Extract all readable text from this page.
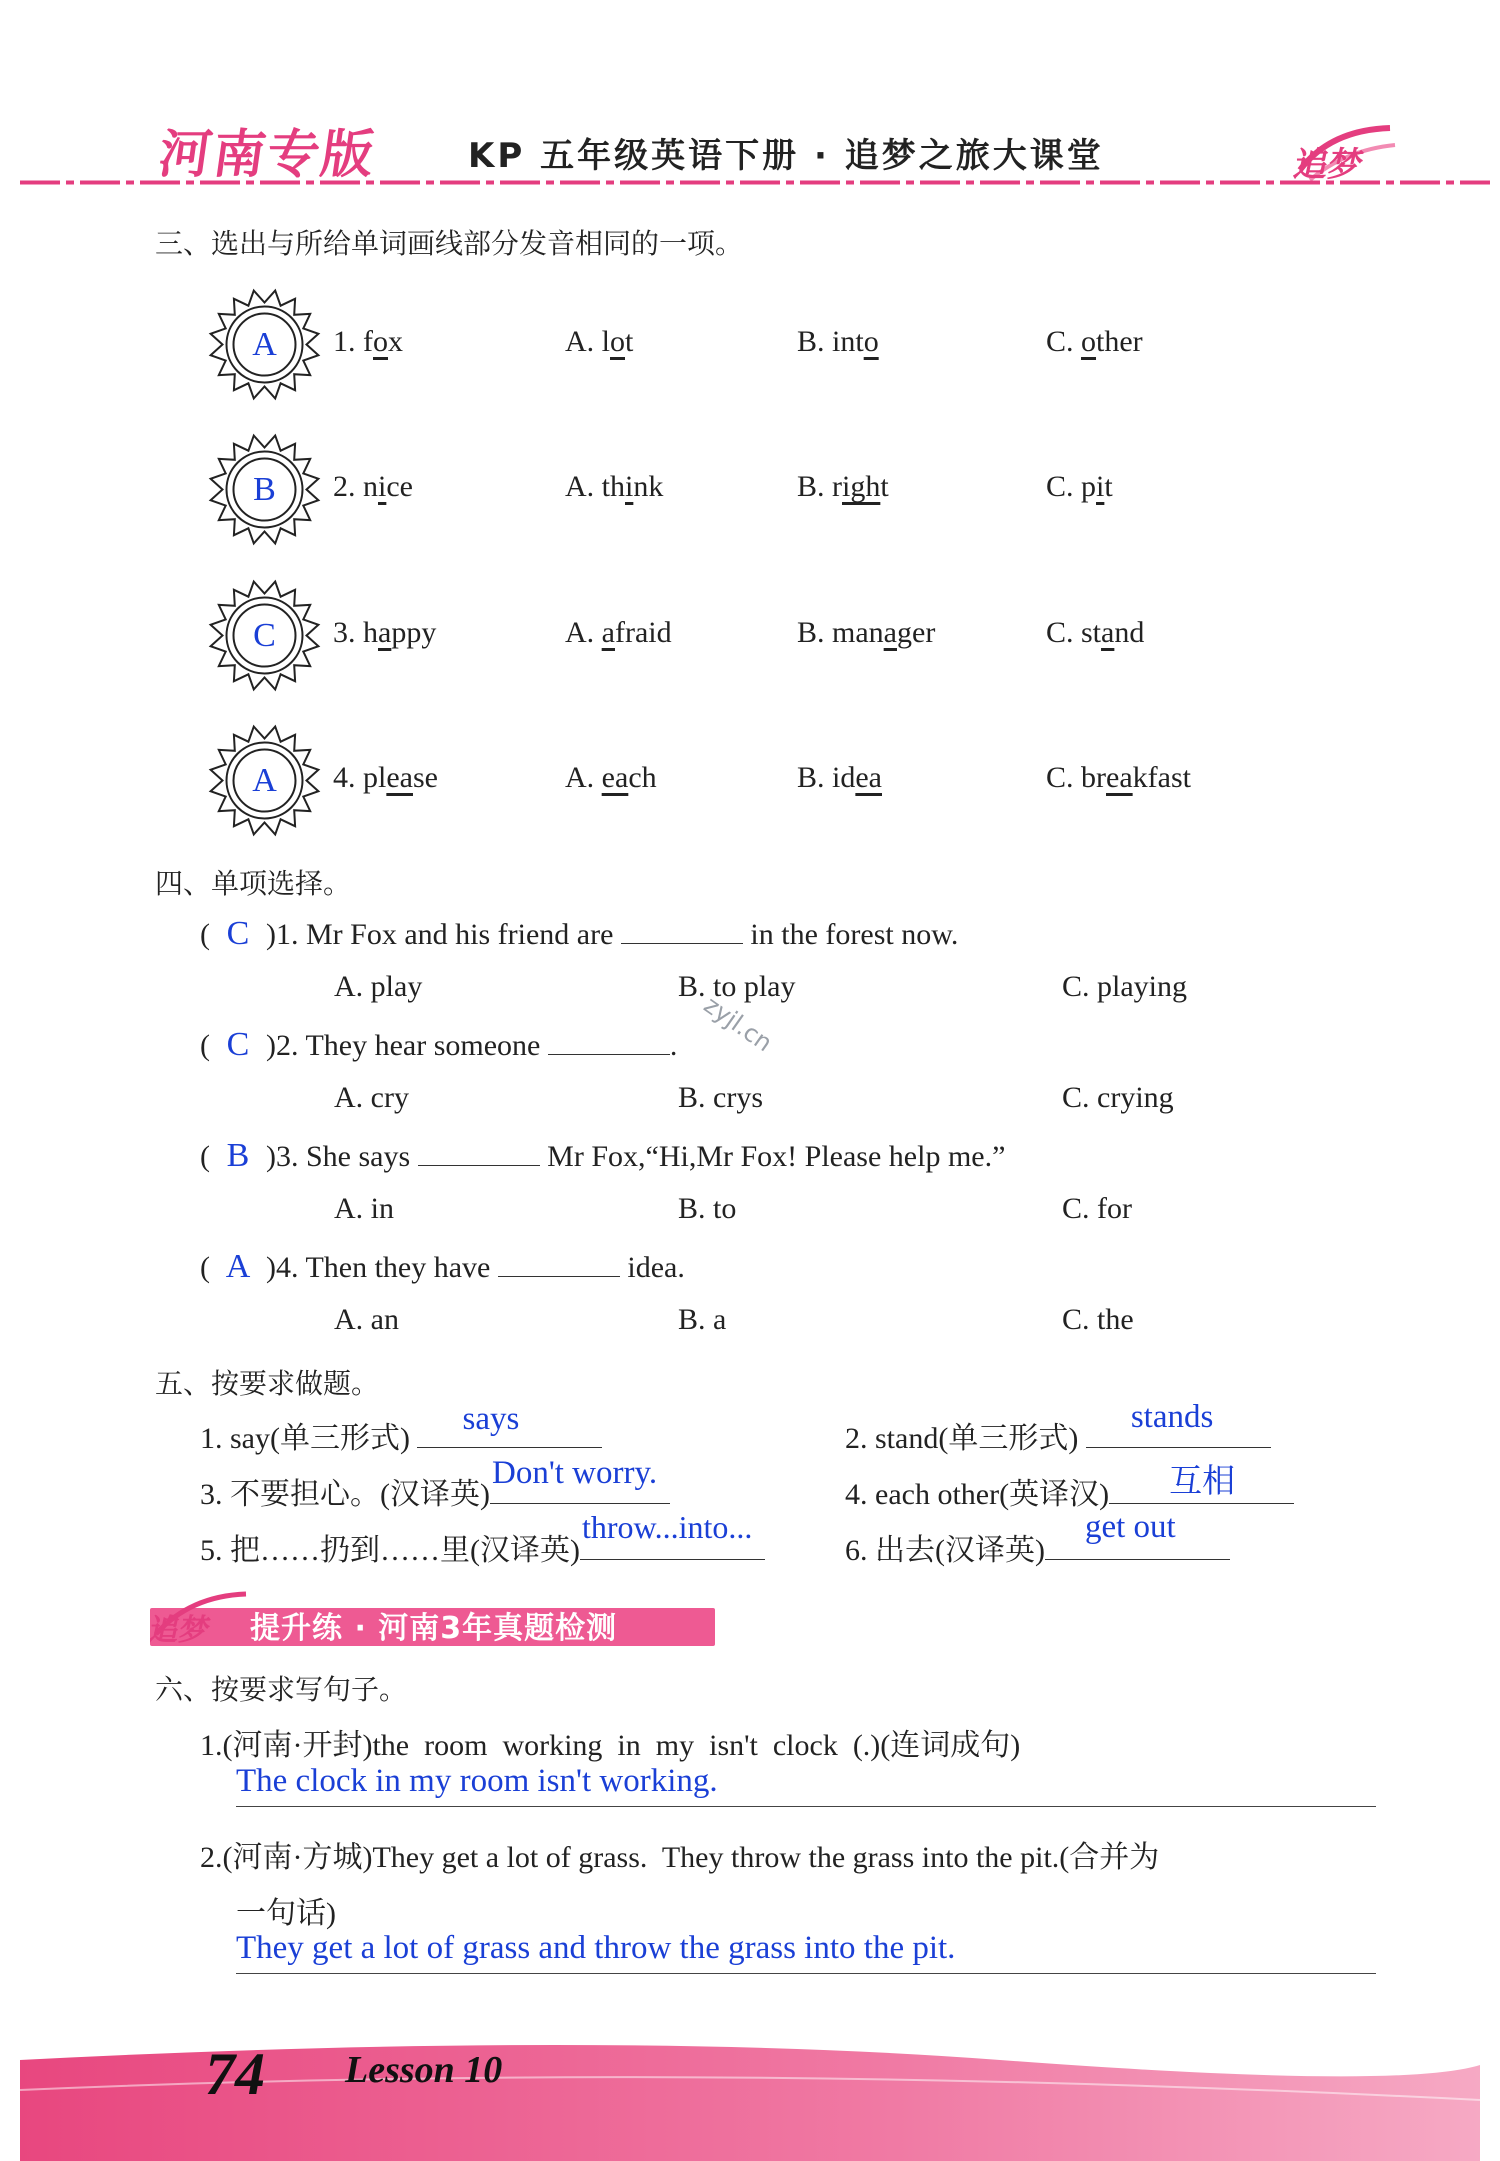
河南专版	KP 五年级英语下册 · 追梦之旅大课堂	追梦
三、选出与所给单词画线部分发音相同的一项。
A	1. fox	A. lot	B. into	C. other
B	2. nice	A. think	B. right	C. pit
C	3. happy	A. afraid	B. manager	C. stand
A	4. please	A. each	B. idea	C. breakfast
四、单项选择。
( C )1. Mr Fox and his friend are	in the forest now.
A. play	B. to play	C. playing
( C )2. They hear someone	.
A. cry	B. crys	C. crying
( B )3. She says	Mr Fox,“Hi,Mr Fox! Please help me.”
A. in	B. to	C. for
( A )4. Then they have	idea.
A. an	B. a	C. the
zyjl.cn
五、按要求做题。
1. say(单三形式)
says
2. stand(单三形式)
stands
3. 不要担心。(汉译英)
Don't worry.
4. each other(英译汉) 互相
5. 把……扔到……里(汉译英)
throw...into...
6. 出去(汉译英)
get out
追梦 提升练 · 河南3年真题检测
六、按要求写句子。
1.(河南·开封)the  room  working  in  my  isn't  clock  (.)(连词成句)
The clock in my room isn't working.
2.(河南·方城)They get a lot of grass.  They throw the grass into the pit.(合并为
一句话)
They get a lot of grass and throw the grass into the pit.
74 Lesson 10
